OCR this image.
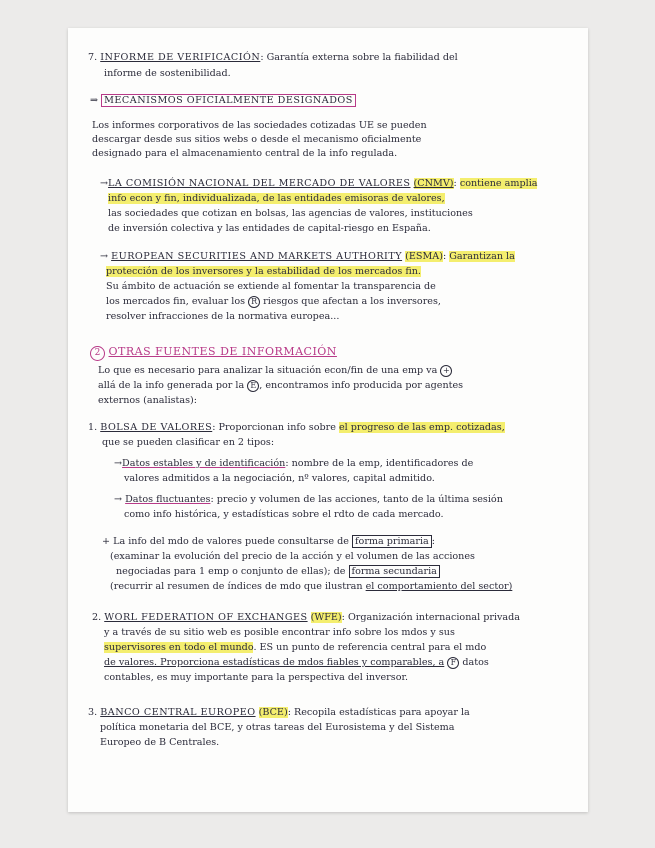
7. INFORME DE VERIFICACIÓN: Garantía externa sobre la fiabilidad del
informe de sostenibilidad.
⇒ MECANISMOS OFICIALMENTE DESIGNADOS
Los informes corporativos de las sociedades cotizadas UE se pueden
descargar desde sus sitios webs o desde el mecanismo oficialmente
designado para el almacenamiento central de la info regulada.
→LA COMISIÓN NACIONAL DEL MERCADO DE VALORES (CNMV): contiene amplia
info econ y fin, individualizada, de las entidades emisoras de valores,
las sociedades que cotizan en bolsas, las agencias de valores, instituciones
de inversión colectiva y las entidades de capital-riesgo en España.
→ EUROPEAN SECURITIES AND MARKETS AUTHORITY (ESMA): Garantizan la
protección de los inversores y la estabilidad de los mercados fin.
Su ámbito de actuación se extiende al fomentar la transparencia de
los mercados fin, evaluar los R riesgos que afectan a los inversores,
resolver infracciones de la normativa europea...
2 OTRAS FUENTES DE INFORMACIÓN
Lo que es necesario para analizar la situación econ/fin de una emp va +
allá de la info generada por la E , encontramos info producida por agentes
externos (analistas):
1. BOLSA DE VALORES: Proporcionan info sobre el progreso de las emp. cotizadas,
que se pueden clasificar en 2 tipos:
→Datos estables y de identificación: nombre de la emp, identificadores de
valores admitidos a la negociación, nº valores, capital admitido.
→ Datos fluctuantes: precio y volumen de las acciones, tanto de la última sesión
como info histórica, y estadísticas sobre el rdto de cada mercado.
+ La info del mdo de valores puede consultarse de forma primaria :
(examinar la evolución del precio de la acción y el volumen de las acciones
negociadas para 1 emp o conjunto de ellas); de forma secundaria
(recurrir al resumen de índices de mdo que ilustran el comportamiento del sector)
2. WORL FEDERATION OF EXCHANGES (WFE): Organización internacional privada
y a través de su sitio web es posible encontrar info sobre los mdos y sus
supervisores en todo el mundo. ES un punto de referencia central para el mdo
de valores. Proporciona estadísticas de mdos fiables y comparables, a F datos
contables, es muy importante para la perspectiva del inversor.
3. BANCO CENTRAL EUROPEO (BCE): Recopila estadísticas para apoyar la
política monetaria del BCE, y otras tareas del Eurosistema y del Sistema
Europeo de B Centrales.
